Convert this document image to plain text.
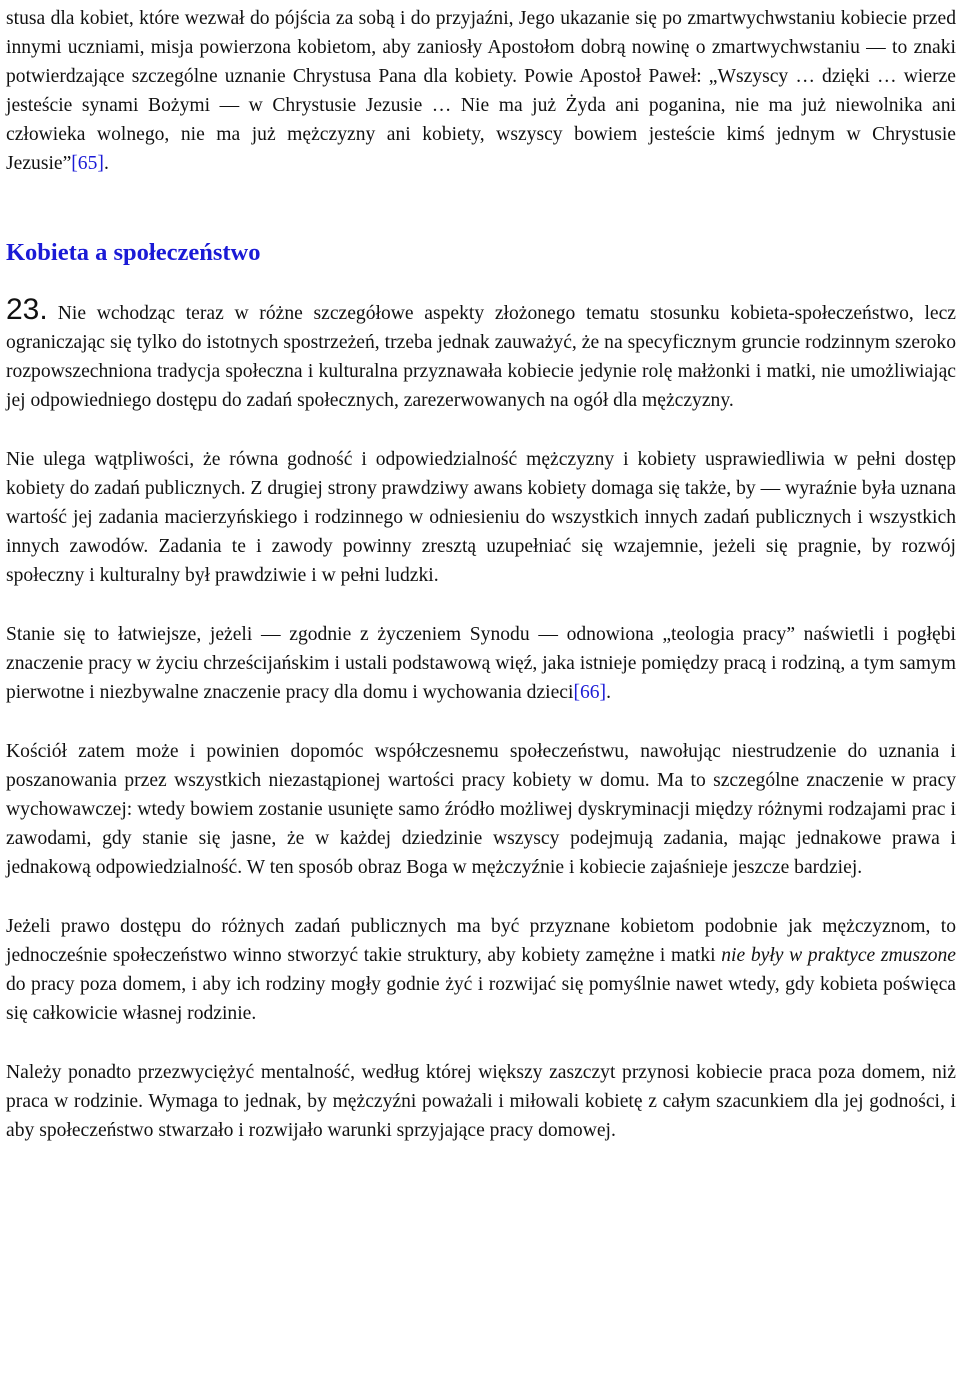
stusa dla kobiet, które wezwał do pójścia za sobą i do przyjaźni, Jego ukazanie się po zmartwychwstaniu kobiecie przed innymi uczniami, misja powierzona kobietom, aby zaniosły Apostołom dobrą nowinę o zmartwychwstaniu — to znaki potwierdzające szczególne uznanie Chrystusa Pana dla kobiety. Powie Apostoł Paweł: „Wszyscy … dzięki … wierze jesteście synami Bożymi — w Chrystusie Jezusie … Nie ma już Żyda ani poganina, nie ma już niewolnika ani człowieka wolnego, nie ma już mężczyzny ani kobiety, wszyscy bowiem jesteście kimś jednym w Chrystusie Jezusie”[65].

Kobieta a społeczeństwo

23. Nie wchodząc teraz w różne szczegółowe aspekty złożonego tematu stosunku kobieta-społeczeństwo, lecz ograniczając się tylko do istotnych spostrzeżeń, trzeba jednak zauważyć, że na specyficznym gruncie rodzinnym szeroko rozpowszechniona tradycja społeczna i kulturalna przyznawała kobiecie jedynie rolę małżonki i matki, nie umożliwiając jej odpowiedniego dostępu do zadań społecznych, zarezerwowanych na ogół dla mężczyzny.

Nie ulega wątpliwości, że równa godność i odpowiedzialność mężczyzny i kobiety usprawiedliwia w pełni dostęp kobiety do zadań publicznych. Z drugiej strony prawdziwy awans kobiety domaga się także, by — wyraźnie była uznana wartość jej zadania macierzyńskiego i rodzinnego w odniesieniu do wszystkich innych zadań publicznych i wszystkich innych zawodów. Zadania te i zawody powinny zresztą uzupełniać się wzajemnie, jeżeli się pragnie, by rozwój społeczny i kulturalny był prawdziwie i w pełni ludzki.

Stanie się to łatwiejsze, jeżeli — zgodnie z życzeniem Synodu — odnowiona „teologia pracy” naświetli i pogłębi znaczenie pracy w życiu chrześcijańskim i ustali podstawową więź, jaka istnieje pomiędzy pracą i rodziną, a tym samym pierwotne i niezbywalne znaczenie pracy dla domu i wychowania dzieci[66].

Kościół zatem może i powinien dopomóc współczesnemu społeczeństwu, nawołując niestrudzenie do uznania i poszanowania przez wszystkich niezastąpionej wartości pracy kobiety w domu. Ma to szczególne znaczenie w pracy wychowawczej: wtedy bowiem zostanie usunięte samo źródło możliwej dyskryminacji między różnymi rodzajami prac i zawodami, gdy stanie się jasne, że w każdej dziedzinie wszyscy podejmują zadania, mając jednakowe prawa i jednakową odpowiedzialność. W ten sposób obraz Boga w mężczyźnie i kobiecie zajaśnieje jeszcze bardziej.

Jeżeli prawo dostępu do różnych zadań publicznych ma być przyznane kobietom podobnie jak mężczyznom, to jednocześnie społeczeństwo winno stworzyć takie struktury, aby kobiety zamężne i matki nie były w praktyce zmuszone do pracy poza domem, i aby ich rodziny mogły godnie żyć i rozwijać się pomyślnie nawet wtedy, gdy kobieta poświęca się całkowicie własnej rodzinie.

Należy ponadto przezwyciężyć mentalność, według której większy zaszczyt przynosi kobiecie praca poza domem, niż praca w rodzinie. Wymaga to jednak, by mężczyźni poważali i miłowali kobietę z całym szacunkiem dla jej godności, i aby społeczeństwo stwarzało i rozwijało warunki sprzyjające pracy domowej.
